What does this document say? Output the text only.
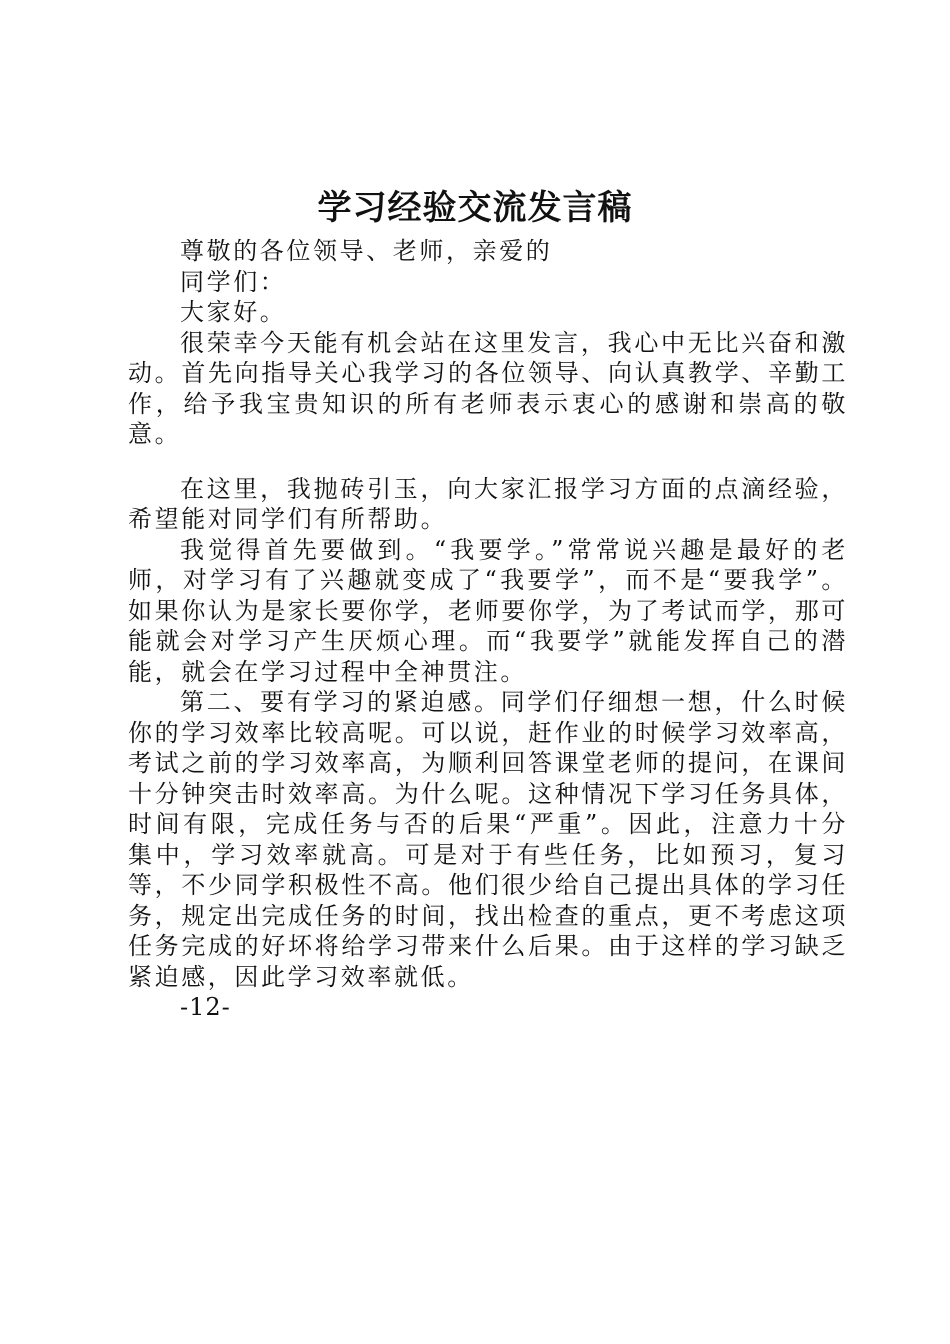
学习经验交流发言稿

尊敬的各位领导、老师，亲爱的

同学们：

大家好。

很荣幸今天能有机会站在这里发言，我心中无比兴奋和激动。首先向指导关心我学习的各位领导、向认真教学、辛勤工作，给予我宝贵知识的所有老师表示衷心的感谢和崇高的敬意。

在这里，我抛砖引玉，向大家汇报学习方面的点滴经验，希望能对同学们有所帮助。

我觉得首先要做到。“我要学。”常常说兴趣是最好的老师，对学习有了兴趣就变成了“我要学”，而不是“要我学”。如果你认为是家长要你学，老师要你学，为了考试而学，那可能就会对学习产生厌烦心理。而“我要学”就能发挥自己的潜能，就会在学习过程中全神贯注。

第二、要有学习的紧迫感。同学们仔细想一想，什么时候你的学习效率比较高呢。可以说，赶作业的时候学习效率高，考试之前的学习效率高，为顺利回答课堂老师的提问，在课间十分钟突击时效率高。为什么呢。这种情况下学习任务具体，时间有限，完成任务与否的后果“严重”。因此，注意力十分集中，学习效率就高。可是对于有些任务，比如预习，复习等，不少同学积极性不高。他们很少给自己提出具体的学习任务，规定出完成任务的时间，找出检查的重点，更不考虑这项任务完成的好坏将给学习带来什么后果。由于这样的学习缺乏紧迫感，因此学习效率就低。

-12-
